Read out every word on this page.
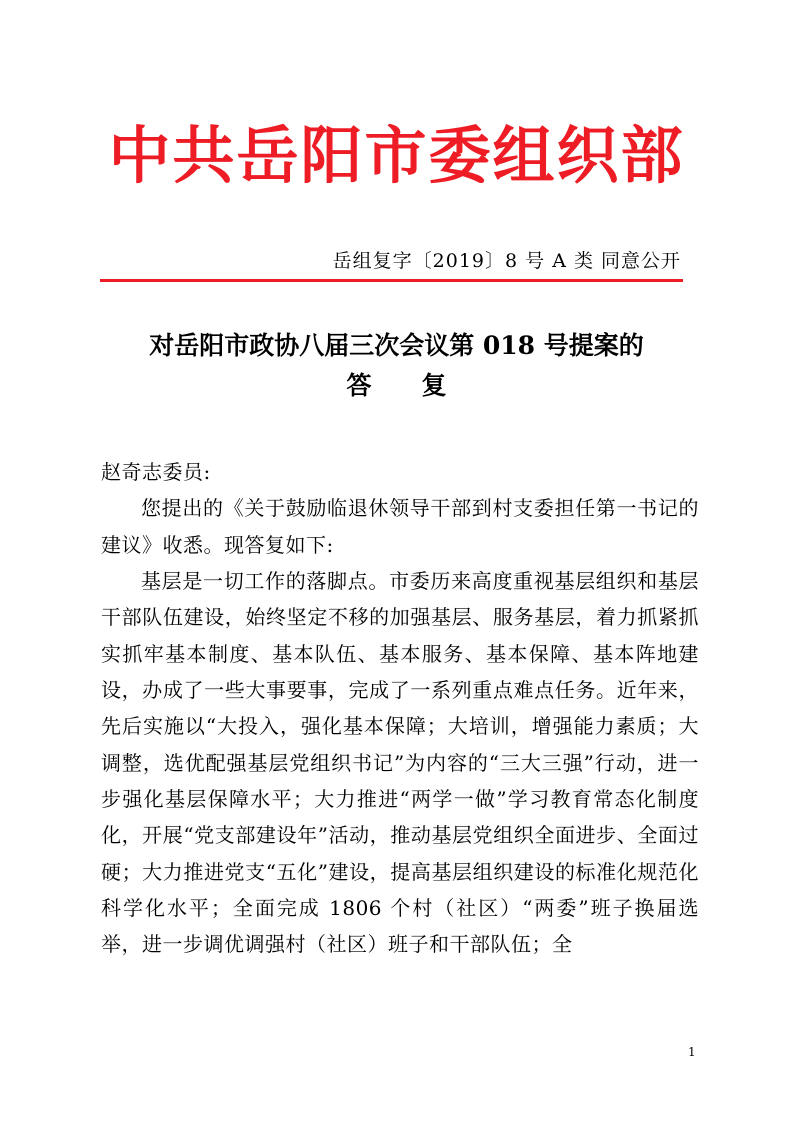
中共岳阳市委组织部
岳组复字〔2019〕8 号 A 类 同意公开
对岳阳市政协八届三次会议第 018 号提案的
答 复

赵奇志委员:

您提出的《关于鼓励临退休领导干部到村支委担任第一书记的建议》收悉。现答复如下:

基层是一切工作的落脚点。市委历来高度重视基层组织和基层干部队伍建设，始终坚定不移的加强基层、服务基层，着力抓紧抓实抓牢基本制度、基本队伍、基本服务、基本保障、基本阵地建设，办成了一些大事要事，完成了一系列重点难点任务。近年来，先后实施以“大投入，强化基本保障；大培训，增强能力素质；大调整，选优配强基层党组织书记”为内容的“三大三强”行动，进一步强化基层保障水平；大力推进“两学一做”学习教育常态化制度化，开展“党支部建设年”活动，推动基层党组织全面进步、全面过硬；大力推进党支“五化”建设，提高基层组织建设的标准化规范化科学化水平；全面完成 1806 个村（社区）“两委”班子换届选举，进一步调优调强村（社区）班子和干部队伍；全

1
